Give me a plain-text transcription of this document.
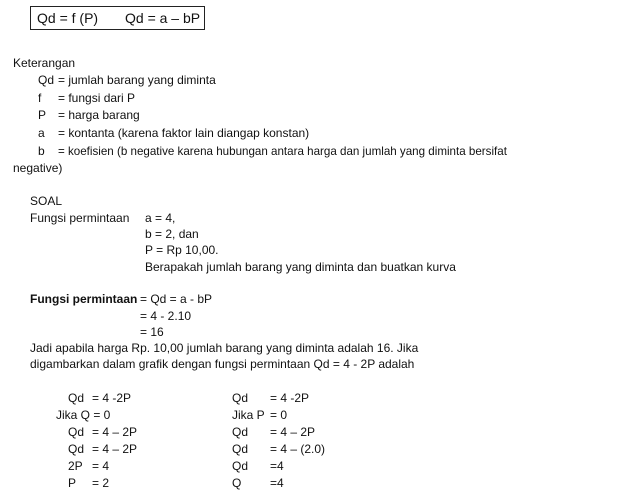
Qd = f (P) Qd = a – bP
Keterangan
Qd = jumlah barang yang diminta
f = fungsi dari P
P = harga barang
a = kontanta (karena faktor lain diangap konstan)
b = koefisien (b negative karena hubungan antara harga dan jumlah yang diminta bersifat
negative)
SOAL
Fungsi permintaan a = 4,
b = 2, dan
P = Rp 10,00.
Berapakah jumlah barang yang diminta dan buatkan kurva
Fungsi permintaan = Qd = a - bP
= 4 - 2.10
= 16
Jadi apabila harga Rp. 10,00 jumlah barang yang diminta adalah 16. Jika
digambarkan dalam grafik dengan fungsi permintaan Qd = 4 - 2P adalah
Qd = 4 -2P
Jika Q = 0
Qd = 4 – 2P
Qd = 4 – 2P
2P = 4
P = 2
Qd = 4 -2P
Jika P = 0
Qd = 4 – 2P
Qd = 4 – (2.0)
Qd =4
Q =4
